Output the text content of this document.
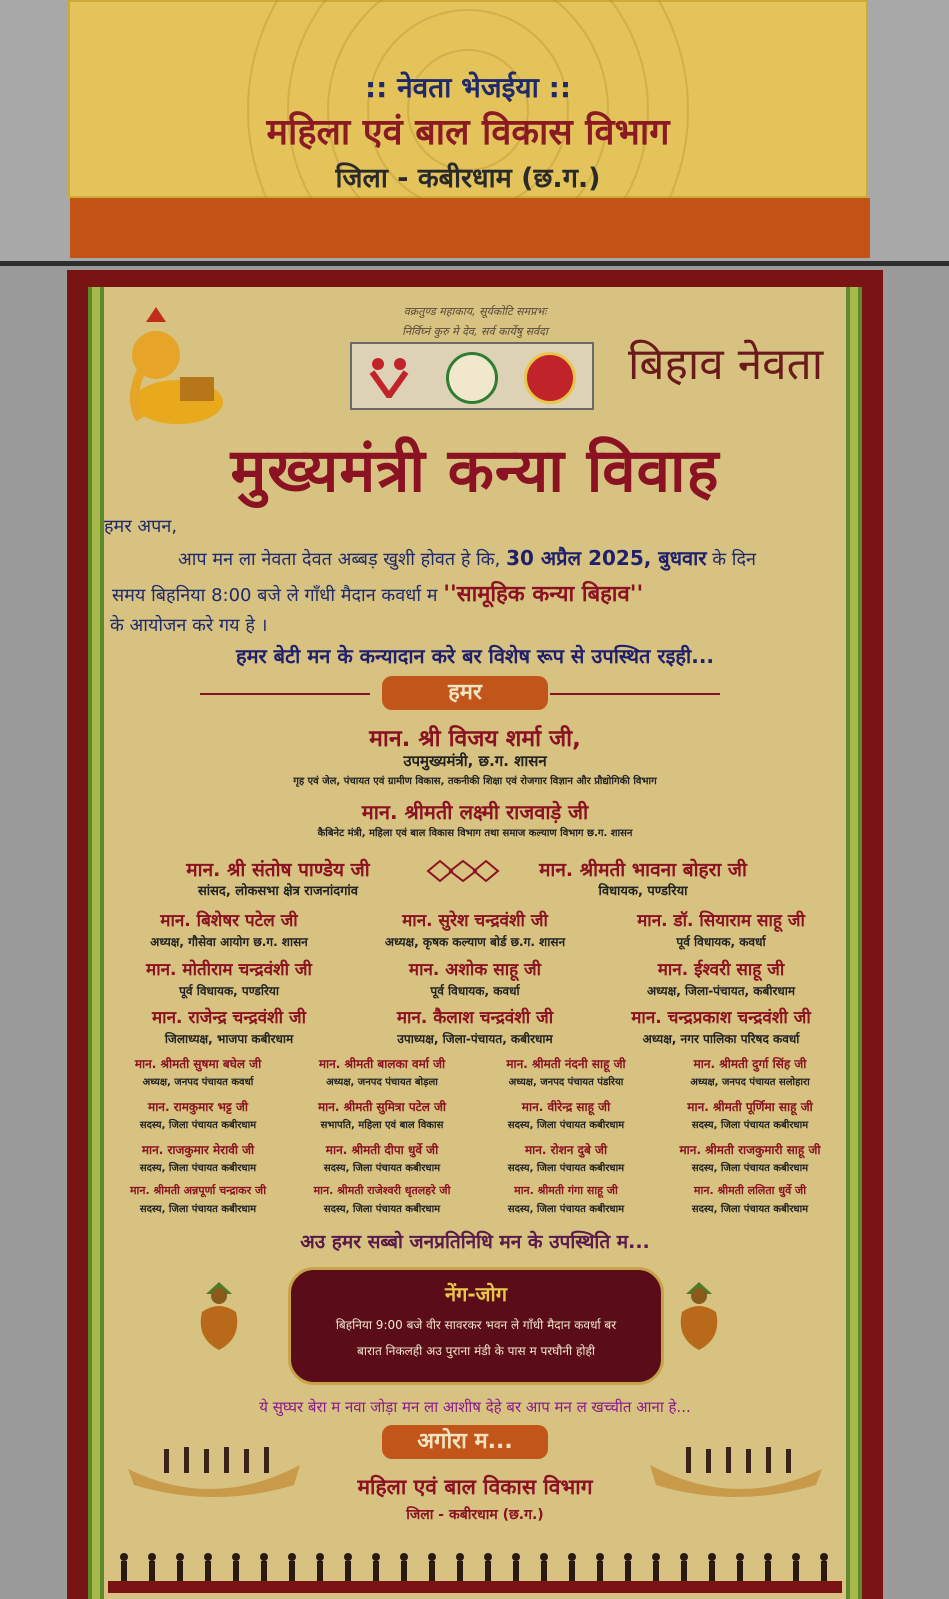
:: नेवता भेजईया ::
महिला एवं बाल विकास विभाग
जिला - कबीरधाम (छ.ग.)
वक्रतुण्ड महाकाय, सूर्यकोटि समप्रभः
निर्विघ्नं कुरु मे देव, सर्व कार्येषु सर्वदा
बिहाव नेवता
मुख्यमंत्री कन्या विवाह
हमर अपन,
आप मन ला नेवता देवत अब्बड़ खुशी होवत हे कि, 30 अप्रैल 2025, बुधवार के दिन
समय बिहनिया 8:00 बजे ले गाँधी मैदान कवर्धा म ''सामूहिक कन्या बिहाव''
के आयोजन करे गय हे ।
हमर बेटी मन के कन्यादान करे बर विशेष रूप से उपस्थित रइही...
हमर
मान. श्री विजय शर्मा जी,
उपमुख्यमंत्री, छ.ग. शासन
गृह एवं जेल, पंचायत एवं ग्रामीण विकास, तकनीकी शिक्षा एवं रोजगार विज्ञान और प्रौद्योगिकी विभाग
मान. श्रीमती लक्ष्मी राजवाड़े जी
कैबिनेट मंत्री, महिला एवं बाल विकास विभाग तथा समाज कल्याण विभाग छ.ग. शासन
मान. श्री संतोष पाण्डेय जी
सांसद, लोकसभा क्षेत्र राजनांदगांव
मान. श्रीमती भावना बोहरा जी
विधायक, पण्डरिया
मान. बिशेषर पटेल जी
अध्यक्ष, गौसेवा आयोग छ.ग. शासन
मान. सुरेश चन्द्रवंशी जी
अध्यक्ष, कृषक कल्याण बोर्ड छ.ग. शासन
मान. डॉ. सियाराम साहू जी
पूर्व विधायक, कवर्धा
मान. मोतीराम चन्द्रवंशी जी
पूर्व विधायक, पण्डरिया
मान. अशोक साहू जी
पूर्व विधायक, कवर्धा
मान. ईश्वरी साहू जी
अध्यक्ष, जिला-पंचायत, कबीरधाम
मान. राजेन्द्र चन्द्रवंशी जी
जिलाध्यक्ष, भाजपा कबीरधाम
मान. कैलाश चन्द्रवंशी जी
उपाध्यक्ष, जिला-पंचायत, कबीरधाम
मान. चन्द्रप्रकाश चन्द्रवंशी जी
अध्यक्ष, नगर पालिका परिषद कवर्धा
मान. श्रीमती सुषमा बघेल जी
अध्यक्ष, जनपद पंचायत कवर्धा
मान. श्रीमती बालका वर्मा जी
अध्यक्ष, जनपद पंचायत बोड़ला
मान. श्रीमती नंदनी साहू जी
अध्यक्ष, जनपद पंचायत पंडरिया
मान. श्रीमती दुर्गा सिंह जी
अध्यक्ष, जनपद पंचायत सलोहारा
मान. रामकुमार भट्ट जी
सदस्य, जिला पंचायत कबीरधाम
मान. श्रीमती सुमित्रा पटेल जी
सभापति, महिला एवं बाल विकास
मान. वीरेन्द्र साहू जी
सदस्य, जिला पंचायत कबीरधाम
मान. श्रीमती पूर्णिमा साहू जी
सदस्य, जिला पंचायत कबीरधाम
मान. राजकुमार मेरावी जी
सदस्य, जिला पंचायत कबीरधाम
मान. श्रीमती दीपा धुर्वे जी
सदस्य, जिला पंचायत कबीरधाम
मान. रोशन दुबे जी
सदस्य, जिला पंचायत कबीरधाम
मान. श्रीमती राजकुमारी साहू जी
सदस्य, जिला पंचायत कबीरधाम
मान. श्रीमती अन्नपूर्णा चन्द्राकर जी
सदस्य, जिला पंचायत कबीरधाम
मान. श्रीमती राजेश्वरी धृतलहरे जी
सदस्य, जिला पंचायत कबीरधाम
मान. श्रीमती गंगा साहू जी
सदस्य, जिला पंचायत कबीरधाम
मान. श्रीमती ललिता धुर्वे जी
सदस्य, जिला पंचायत कबीरधाम
अउ हमर सब्बो जनप्रतिनिधि मन के उपस्थिति म...
नेंग-जोग
बिहनिया 9:00 बजे वीर सावरकर भवन ले गाँधी मैदान कवर्धा बर
बारात निकलही अउ पुराना मंडी के पास म परघौनी होही
ये सुघ्घर बेरा म नवा जोड़ा मन ला आशीष देहे बर आप मन ल खच्चीत आना हे...
अगोरा म...
महिला एवं बाल विकास विभाग
जिला - कबीरधाम (छ.ग.)
